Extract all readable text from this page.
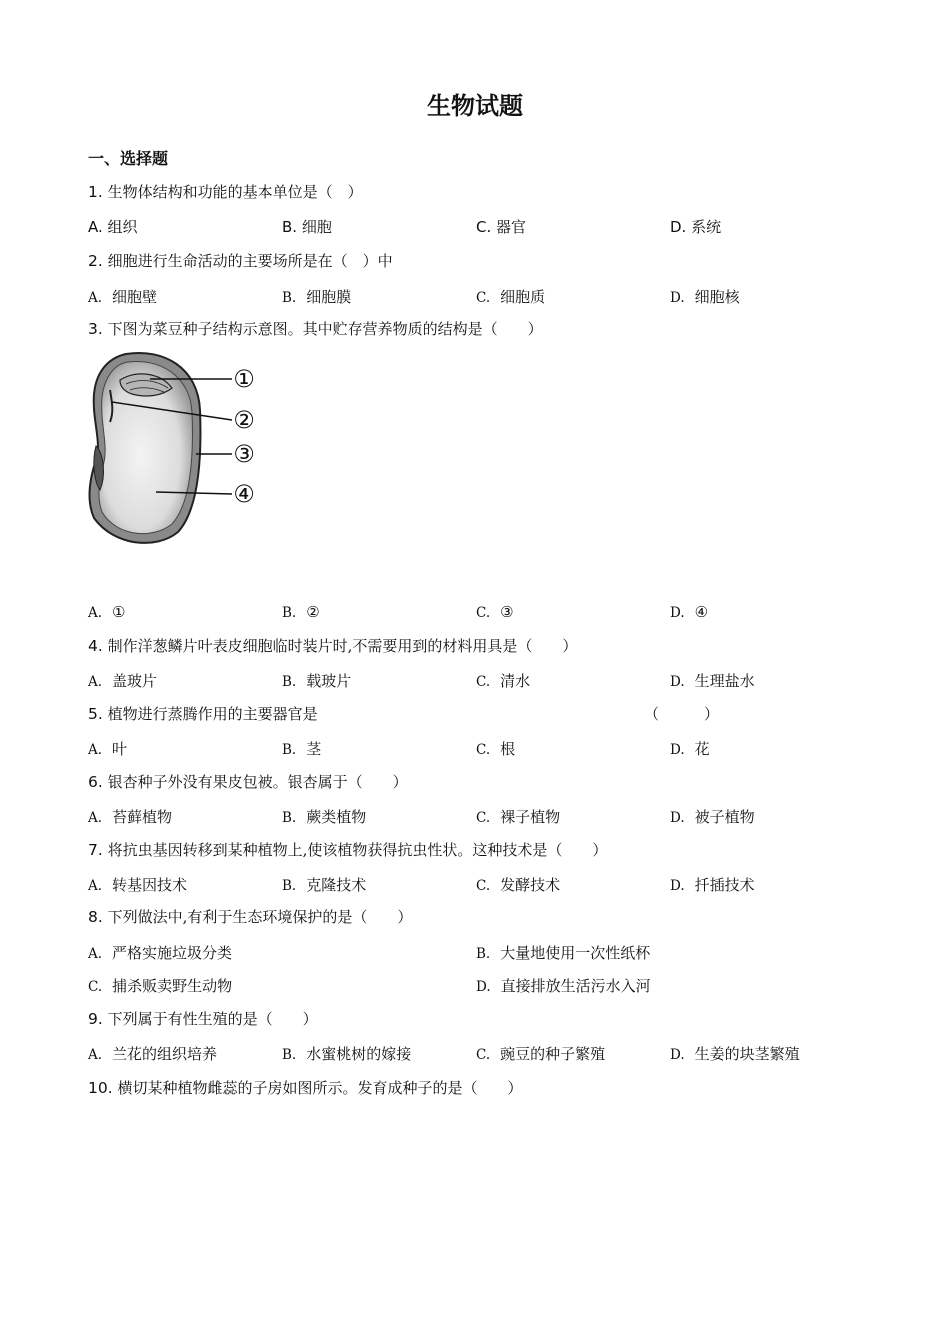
生物试题
一、选择题
1. 生物体结构和功能的基本单位是（　）
A. 组织	B. 细胞	C. 器官	D. 系统
2. 细胞进行生命活动的主要场所是在（　）中
A. 细胞壁	B. 细胞膜	C. 细胞质	D. 细胞核
3. 下图为菜豆种子结构示意图。其中贮存营养物质的结构是（　　）
①
②
③
④
A. ①	B. ②	C. ③	D. ④
4. 制作洋葱鳞片叶表皮细胞临时装片时,不需要用到的材料用具是（　　）
A. 盖玻片	B. 载玻片	C. 清水	D. 生理盐水
5. 植物进行蒸腾作用的主要器官是	（　　　）
A. 叶	B. 茎	C. 根	D. 花
6. 银杏种子外没有果皮包被。银杏属于（　　）
A. 苔藓植物	B. 蕨类植物	C. 裸子植物	D. 被子植物
7. 将抗虫基因转移到某种植物上,使该植物获得抗虫性状。这种技术是（　　）
A. 转基因技术	B. 克隆技术	C. 发酵技术	D. 扦插技术
8. 下列做法中,有利于生态环境保护的是（　　）
A. 严格实施垃圾分类	B. 大量地使用一次性纸杯
C. 捕杀贩卖野生动物	D. 直接排放生活污水入河
9. 下列属于有性生殖的是（　　）
A. 兰花的组织培养	B. 水蜜桃树的嫁接	C. 豌豆的种子繁殖	D. 生姜的块茎繁殖
10. 横切某种植物雌蕊的子房如图所示。发育成种子的是（　　）
